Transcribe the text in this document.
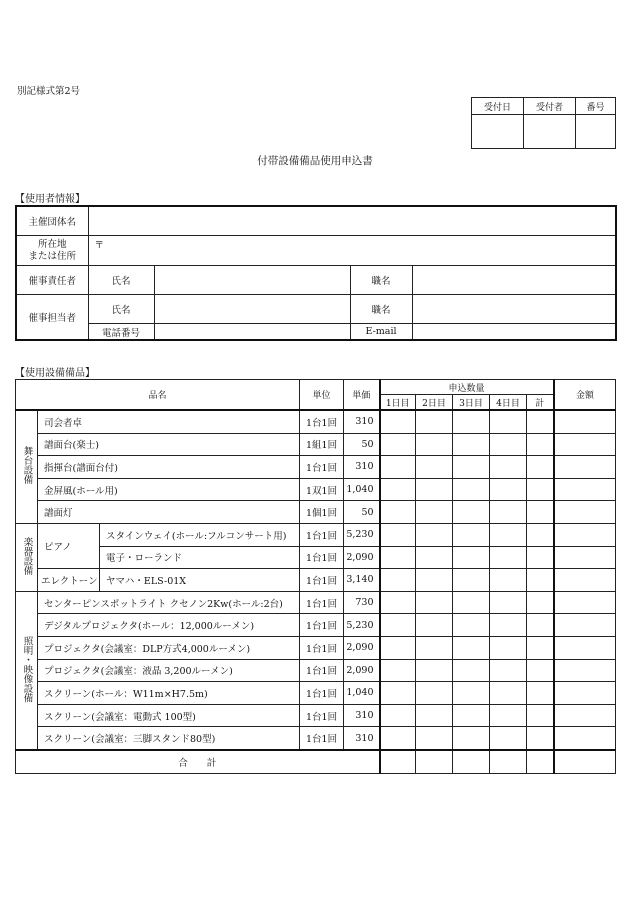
別記様式第2号
受付日	受付者	番号

付帯設備備品使用申込書
【使用者情報】
主催団体名				

所在地
または住所	〒			
催事責任者	氏名		職名	
催事担当者	氏名		職名	
	電話番号		E-mail	
【使用設備備品】
品名			単位	単価	申込数量					金額
					1日目	2日目	3日目	4日目	計	
舞台設備	司会者卓		1台1回	310						
	譜面台(楽士)		1組1回	50						
	指揮台(譜面台付)		1台1回	310						
	金屏風(ホール用)		1双1回	1,040						
	譜面灯		1個1回	50						
楽器設備	ピアノ	スタインウェイ(ホール:フルコンサート用)	1台1回	5,230						
		電子・ローランド	1台1回	2,090						
	エレクトーン	ヤマハ・ELS-01X	1台1回	3,140						
照明・映像設備	センターピンスポットライト クセノン2Kw(ホール:2台)		1台1回	730						
	デジタルプロジェクタ(ホール：12,000ルーメン)		1台1回	5,230						
	プロジェクタ(会議室：DLP方式4,000ルーメン)		1台1回	2,090						
	プロジェクタ(会議室：液晶 3,200ルーメン)		1台1回	2,090						
	スクリーン(ホール：W11m×H7.5m)		1台1回	1,040						
	スクリーン(会議室：電動式 100型)		1台1回	310						
	スクリーン(会議室：三脚スタンド80型)		1台1回	310						
合　　計										
